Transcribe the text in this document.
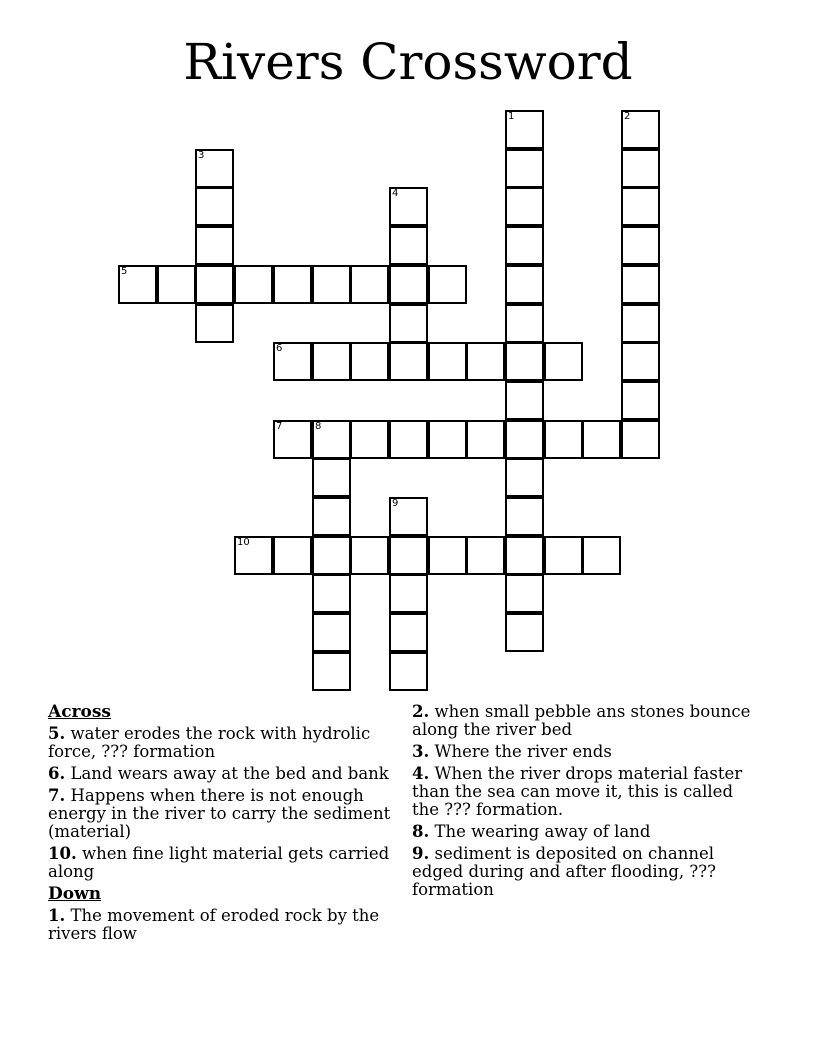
Rivers Crossword
1	2
3
4
5
6
7	8
9
10
Across
5. water erodes the rock with hydrolic force, ??? formation
6. Land wears away at the bed and bank
7. Happens when there is not enough energy in the river to carry the sediment (material)
10. when fine light material gets carried along
Down
1. The movement of eroded rock by the rivers flow
2. when small pebble ans stones bounce along the river bed
3. Where the river ends
4. When the river drops material faster than the sea can move it, this is called the ??? formation.
8. The wearing away of land
9. sediment is deposited on channel edged during and after flooding, ??? formation
